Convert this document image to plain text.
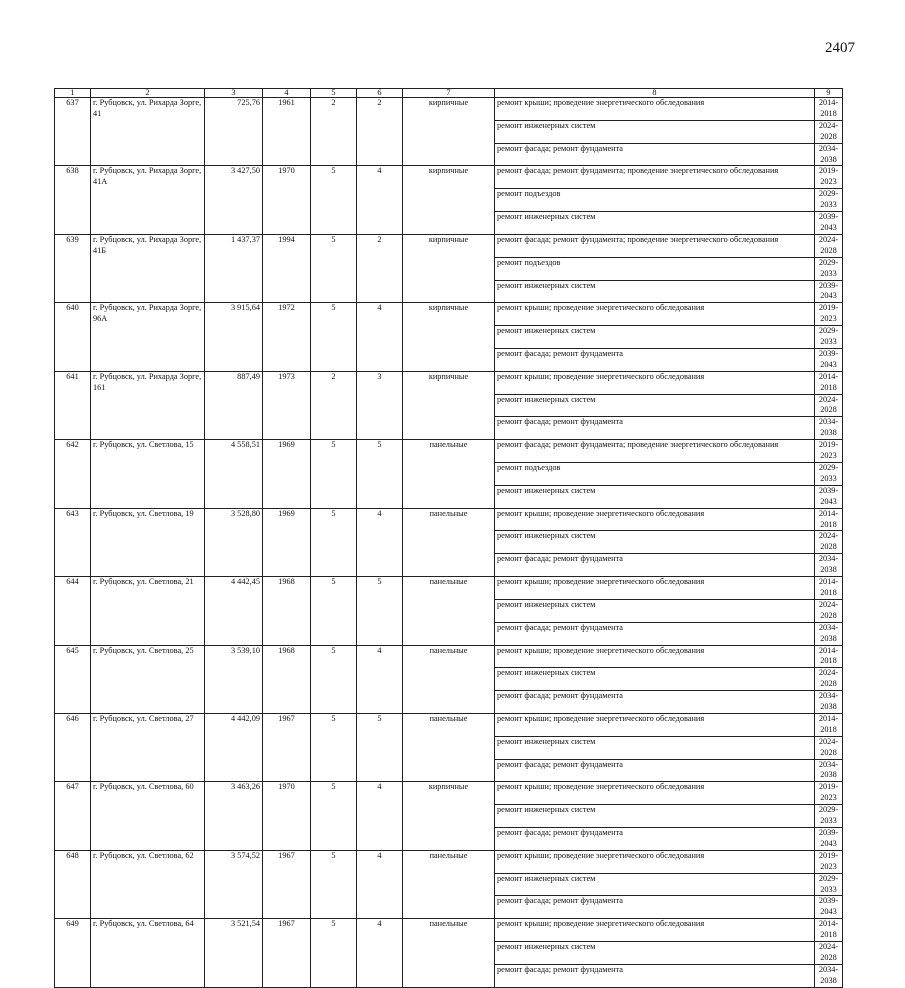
2407
1	2	3	4	5	6	7	8	9
637	г. Рубцовск, ул. Рихарда Зорге, 41	725,76	1961	2	2	кирпичные	ремонт крыши; проведение энергетического обследования	2014-2018
							ремонт инженерных систем	2024-2028
							ремонт фасада; ремонт фундамента	2034-2038
638	г. Рубцовск, ул. Рихарда Зорге, 41А	3 427,50	1970	5	4	кирпичные	ремонт фасада; ремонт фундамента; проведение энергетического обследования	2019-2023
							ремонт подъездов	2029-2033
							ремонт инженерных систем	2039-2043
639	г. Рубцовск, ул. Рихарда Зорге, 41Б	1 437,37	1994	5	2	кирпичные	ремонт фасада; ремонт фундамента; проведение энергетического обследования	2024-2028
							ремонт подъездов	2029-2033
							ремонт инженерных систем	2039-2043
640	г. Рубцовск, ул. Рихарда Зорге, 96А	3 915,64	1972	5	4	кирпичные	ремонт крыши; проведение энергетического обследования	2019-2023
							ремонт инженерных систем	2029-2033
							ремонт фасада; ремонт фундамента	2039-2043
641	г. Рубцовск, ул. Рихарда Зорге, 161	887,49	1973	2	3	кирпичные	ремонт крыши; проведение энергетического обследования	2014-2018
							ремонт инженерных систем	2024-2028
							ремонт фасада; ремонт фундамента	2034-2038
642	г. Рубцовск, ул. Светлова, 15	4 558,51	1969	5	5	панельные	ремонт фасада; ремонт фундамента; проведение энергетического обследования	2019-2023
							ремонт подъездов	2029-2033
							ремонт инженерных систем	2039-2043
643	г. Рубцовск, ул. Светлова, 19	3 528,80	1969	5	4	панельные	ремонт крыши; проведение энергетического обследования	2014-2018
							ремонт инженерных систем	2024-2028
							ремонт фасада; ремонт фундамента	2034-2038
644	г. Рубцовск, ул. Светлова, 21	4 442,45	1968	5	5	панельные	ремонт крыши; проведение энергетического обследования	2014-2018
							ремонт инженерных систем	2024-2028
							ремонт фасада; ремонт фундамента	2034-2038
645	г. Рубцовск, ул. Светлова, 25	3 539,10	1968	5	4	панельные	ремонт крыши; проведение энергетического обследования	2014-2018
							ремонт инженерных систем	2024-2028
							ремонт фасада; ремонт фундамента	2034-2038
646	г. Рубцовск, ул. Светлова, 27	4 442,09	1967	5	5	панельные	ремонт крыши; проведение энергетического обследования	2014-2018
							ремонт инженерных систем	2024-2028
							ремонт фасада; ремонт фундамента	2034-2038
647	г. Рубцовск, ул. Светлова, 60	3 463,26	1970	5	4	кирпичные	ремонт крыши; проведение энергетического обследования	2019-2023
							ремонт инженерных систем	2029-2033
							ремонт фасада; ремонт фундамента	2039-2043
648	г. Рубцовск, ул. Светлова, 62	3 574,52	1967	5	4	панельные	ремонт крыши; проведение энергетического обследования	2019-2023
							ремонт инженерных систем	2029-2033
							ремонт фасада; ремонт фундамента	2039-2043
649	г. Рубцовск, ул. Светлова, 64	3 521,54	1967	5	4	панельные	ремонт крыши; проведение энергетического обследования	2014-2018
							ремонт инженерных систем	2024-2028
							ремонт фасада; ремонт фундамента	2034-2038
